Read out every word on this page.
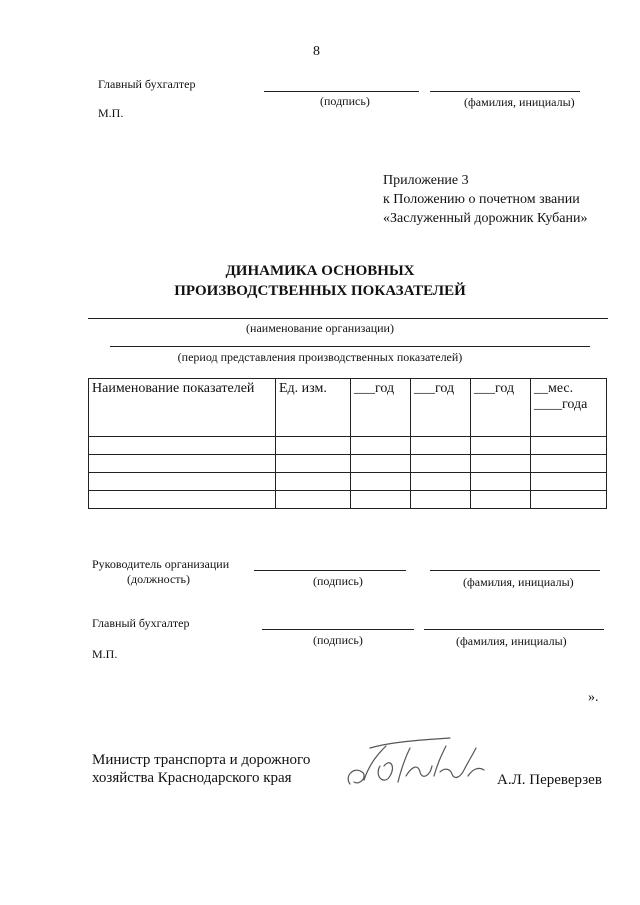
8
Главный бухгалтер
(подпись)	(фамилия, инициалы)
М.П.
Приложение 3
к Положению о почетном звании
«Заслуженный дорожник Кубани»
ДИНАМИКА ОСНОВНЫХ
ПРОИЗВОДСТВЕННЫХ ПОКАЗАТЕЛЕЙ
(наименование организации)
(период представления производственных показателей)
Наименование показателей	Ед. изм.	___год	___год	___год	__мес.
____года

Руководитель организации
(должность)	(подпись)	(фамилия, инициалы)
Главный бухгалтер
(подпись)	(фамилия, инициалы)
М.П.
».
Министр транспорта и дорожного
хозяйства Краснодарского края	А.Л. Переверзев
